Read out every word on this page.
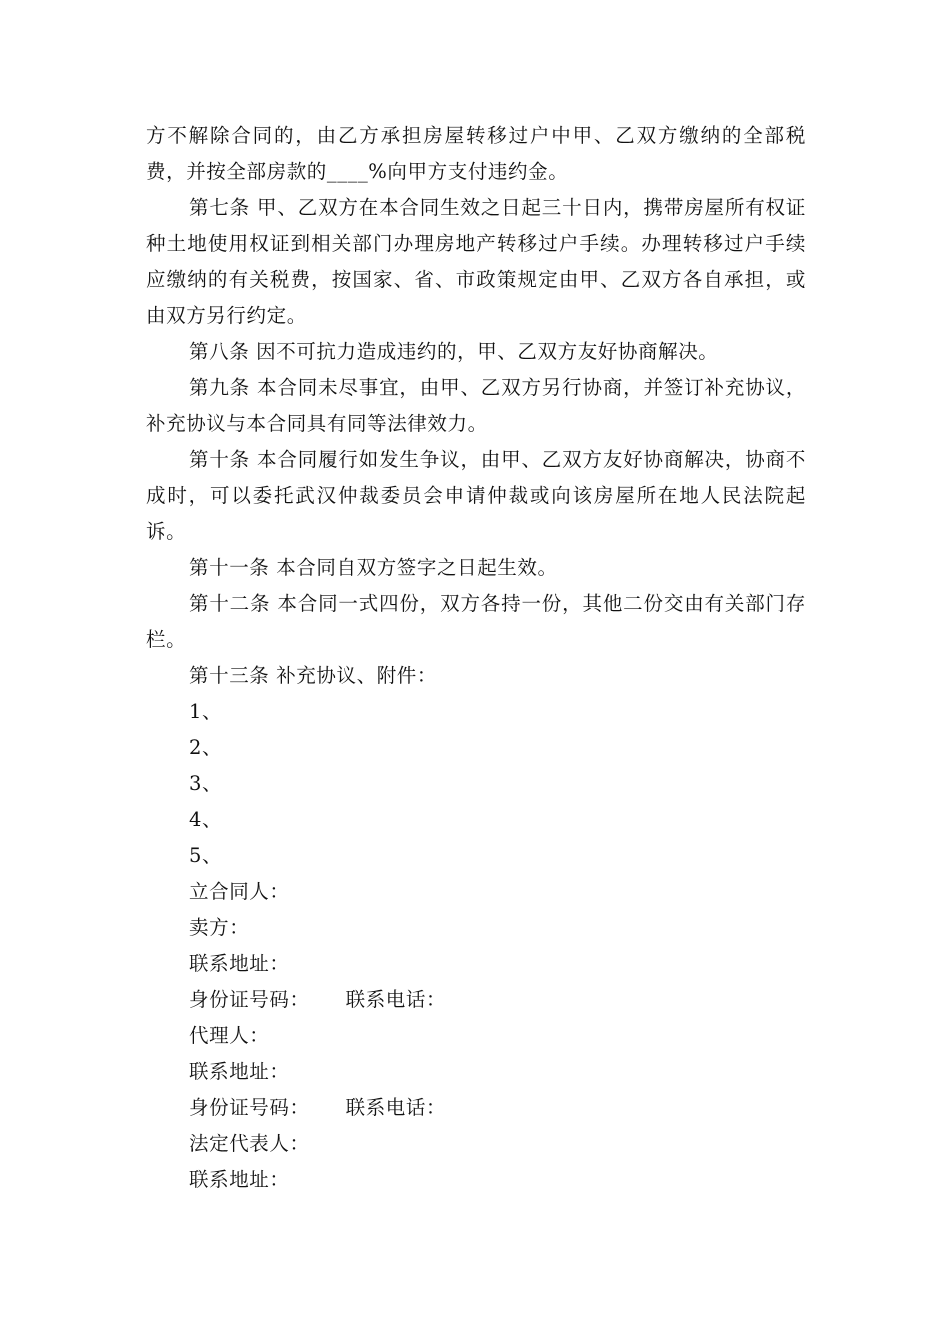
方不解除合同的，由乙方承担房屋转移过户中甲、乙双方缴纳的全部税费，并按全部房款的____%向甲方支付违约金。

第七条 甲、乙双方在本合同生效之日起三十日内，携带房屋所有权证种土地使用权证到相关部门办理房地产转移过户手续。办理转移过户手续应缴纳的有关税费，按国家、省、市政策规定由甲、乙双方各自承担，或由双方另行约定。

第八条 因不可抗力造成违约的，甲、乙双方友好协商解决。

第九条 本合同未尽事宜，由甲、乙双方另行协商，并签订补充协议，补充协议与本合同具有同等法律效力。

第十条 本合同履行如发生争议，由甲、乙双方友好协商解决，协商不成时，可以委托武汉仲裁委员会申请仲裁或向该房屋所在地人民法院起诉。

第十一条 本合同自双方签字之日起生效。

第十二条 本合同一式四份，双方各持一份，其他二份交由有关部门存栏。

第十三条 补充协议、附件：

1、

2、

3、

4、

5、

立合同人：

卖方：

联系地址：

身份证号码： 联系电话：

代理人：

联系地址：

身份证号码： 联系电话：

法定代表人：

联系地址：
